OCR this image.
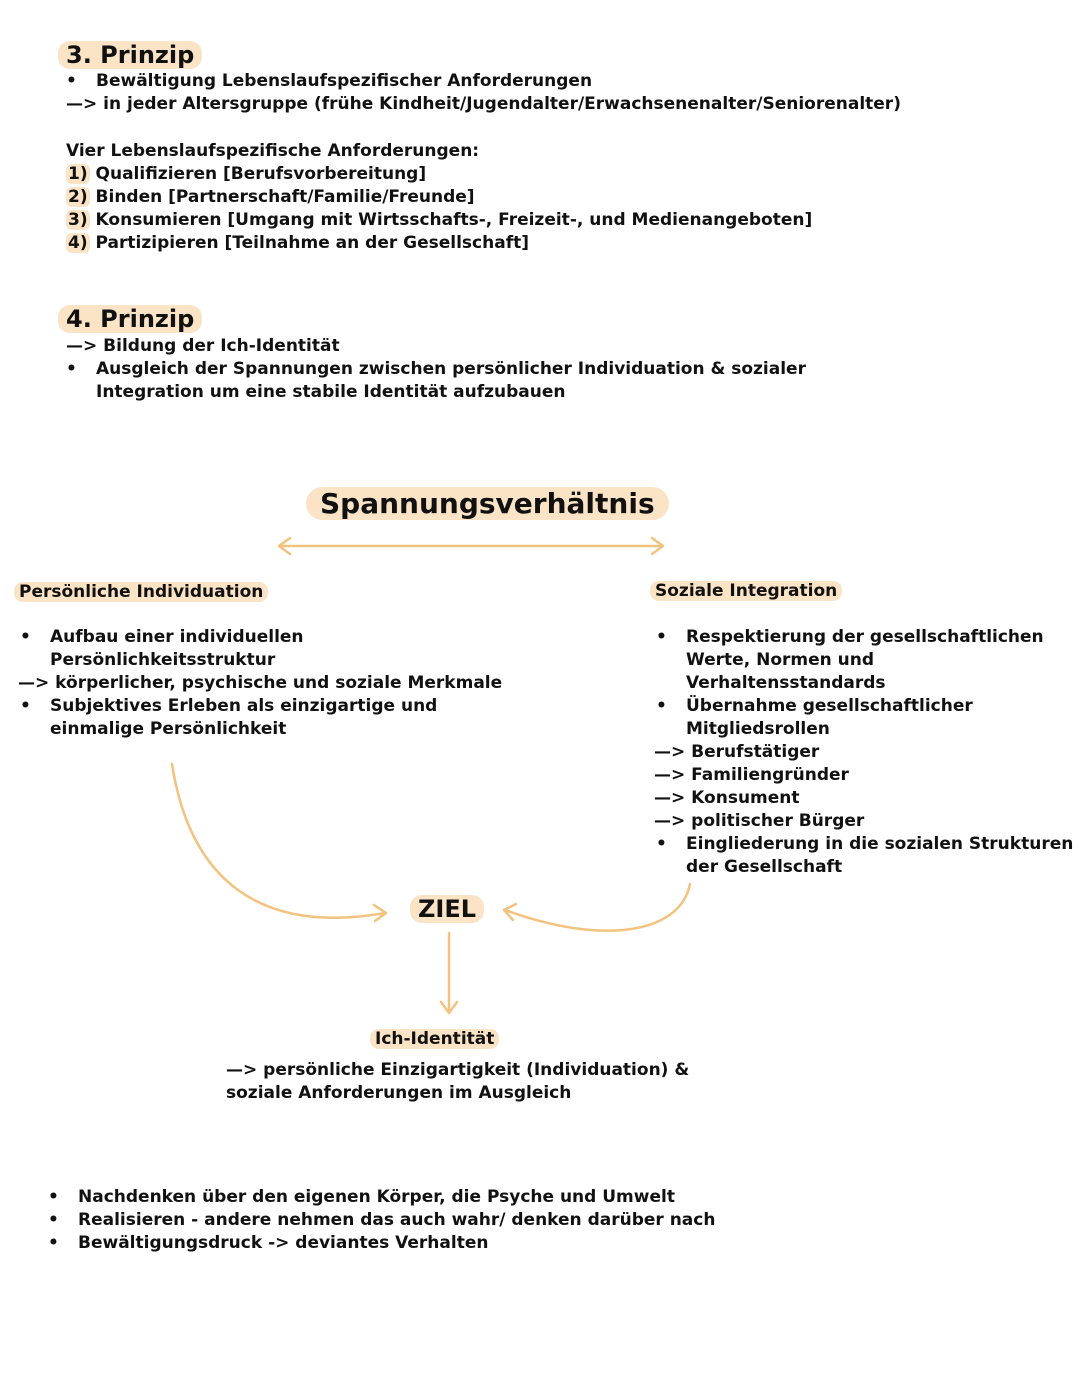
3. Prinzip
• Bewältigung Lebenslaufspezifischer Anforderungen
—> in jeder Altersgruppe (frühe Kindheit/Jugendalter/Erwachsenenalter/Seniorenalter)
Vier Lebenslaufspezifische Anforderungen:
1) Qualifizieren [Berufsvorbereitung]
2) Binden [Partnerschaft/Familie/Freunde]
3) Konsumieren [Umgang mit Wirtsschafts-, Freizeit-, und Medienangeboten]
4) Partizipieren [Teilnahme an der Gesellschaft]
4. Prinzip
—> Bildung der Ich-Identität
• Ausgleich der Spannungen zwischen persönlicher Individuation & sozialer
Integration um eine stabile Identität aufzubauen
Spannungsverhältnis
Persönliche Individuation
• Aufbau einer individuellen
Persönlichkeitsstruktur
—> körperlicher, psychische und soziale Merkmale
• Subjektives Erleben als einzigartige und
einmalige Persönlichkeit
Soziale Integration
• Respektierung der gesellschaftlichen
Werte, Normen und
Verhaltensstandards
• Übernahme gesellschaftlicher
Mitgliedsrollen
—> Berufstätiger
—> Familiengründer
—> Konsument
—> politischer Bürger
• Eingliederung in die sozialen Strukturen
der Gesellschaft
ZIEL
Ich-Identität
—> persönliche Einzigartigkeit (Individuation) &
soziale Anforderungen im Ausgleich
• Nachdenken über den eigenen Körper, die Psyche und Umwelt
• Realisieren - andere nehmen das auch wahr/ denken darüber nach
• Bewältigungsdruck -> deviantes Verhalten
